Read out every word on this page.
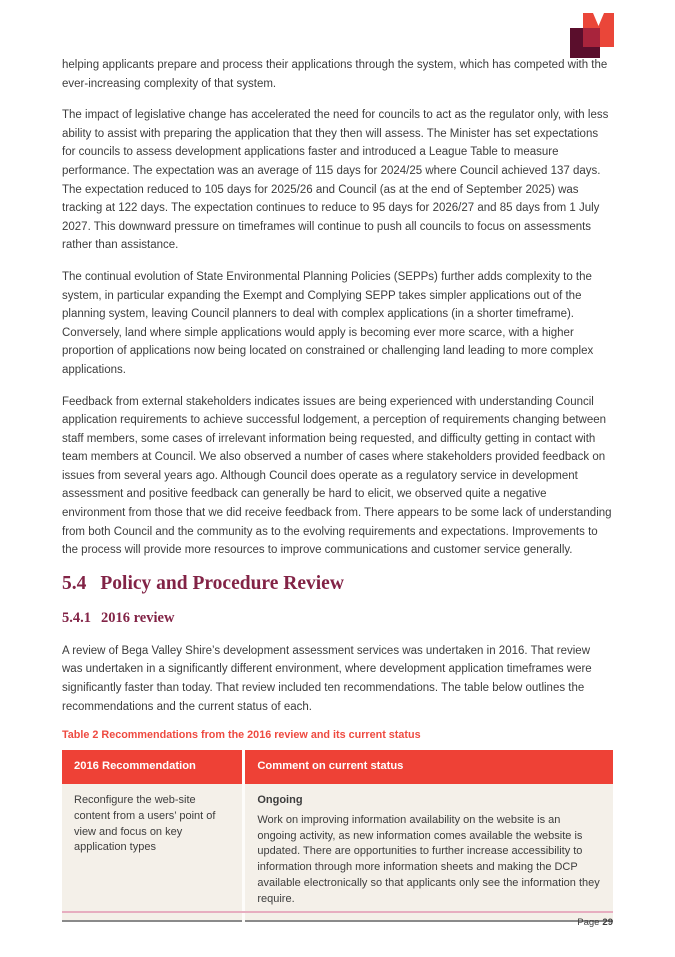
helping applicants prepare and process their applications through the system, which has competed with the ever-increasing complexity of that system.

The impact of legislative change has accelerated the need for councils to act as the regulator only, with less ability to assist with preparing the application that they then will assess. The Minister has set expectations for councils to assess development applications faster and introduced a League Table to measure performance. The expectation was an average of 115 days for 2024/25 where Council achieved 137 days. The expectation reduced to 105 days for 2025/26 and Council (as at the end of September 2025) was tracking at 122 days. The expectation continues to reduce to 95 days for 2026/27 and 85 days from 1 July 2027. This downward pressure on timeframes will continue to push all councils to focus on assessments rather than assistance.

The continual evolution of State Environmental Planning Policies (SEPPs) further adds complexity to the system, in particular expanding the Exempt and Complying SEPP takes simpler applications out of the planning system, leaving Council planners to deal with complex applications (in a shorter timeframe). Conversely, land where simple applications would apply is becoming ever more scarce, with a higher proportion of applications now being located on constrained or challenging land leading to more complex applications.

Feedback from external stakeholders indicates issues are being experienced with understanding Council application requirements to achieve successful lodgement, a perception of requirements changing between staff members, some cases of irrelevant information being requested, and difficulty getting in contact with team members at Council. We also observed a number of cases where stakeholders provided feedback on issues from several years ago. Although Council does operate as a regulatory service in development assessment and positive feedback can generally be hard to elicit, we observed quite a negative environment from those that we did receive feedback from. There appears to be some lack of understanding from both Council and the community as to the evolving requirements and expectations. Improvements to the process will provide more resources to improve communications and customer service generally.

5.4 Policy and Procedure Review
5.4.1 2016 review

A review of Bega Valley Shire’s development assessment services was undertaken in 2016. That review was undertaken in a significantly different environment, where development application timeframes were significantly faster than today. That review included ten recommendations. The table below outlines the recommendations and the current status of each.

Table 2 Recommendations from the 2016 review and its current status
2016 Recommendation	Comment on current status

Reconfigure the web-site content from a users’ point of view and focus on key application types	Ongoing

Work on improving information availability on the website is an ongoing activity, as new information comes available the website is updated. There are opportunities to further increase accessibility to information through more information sheets and making the DCP available electronically so that applicants only see the information they require.

Page 29
